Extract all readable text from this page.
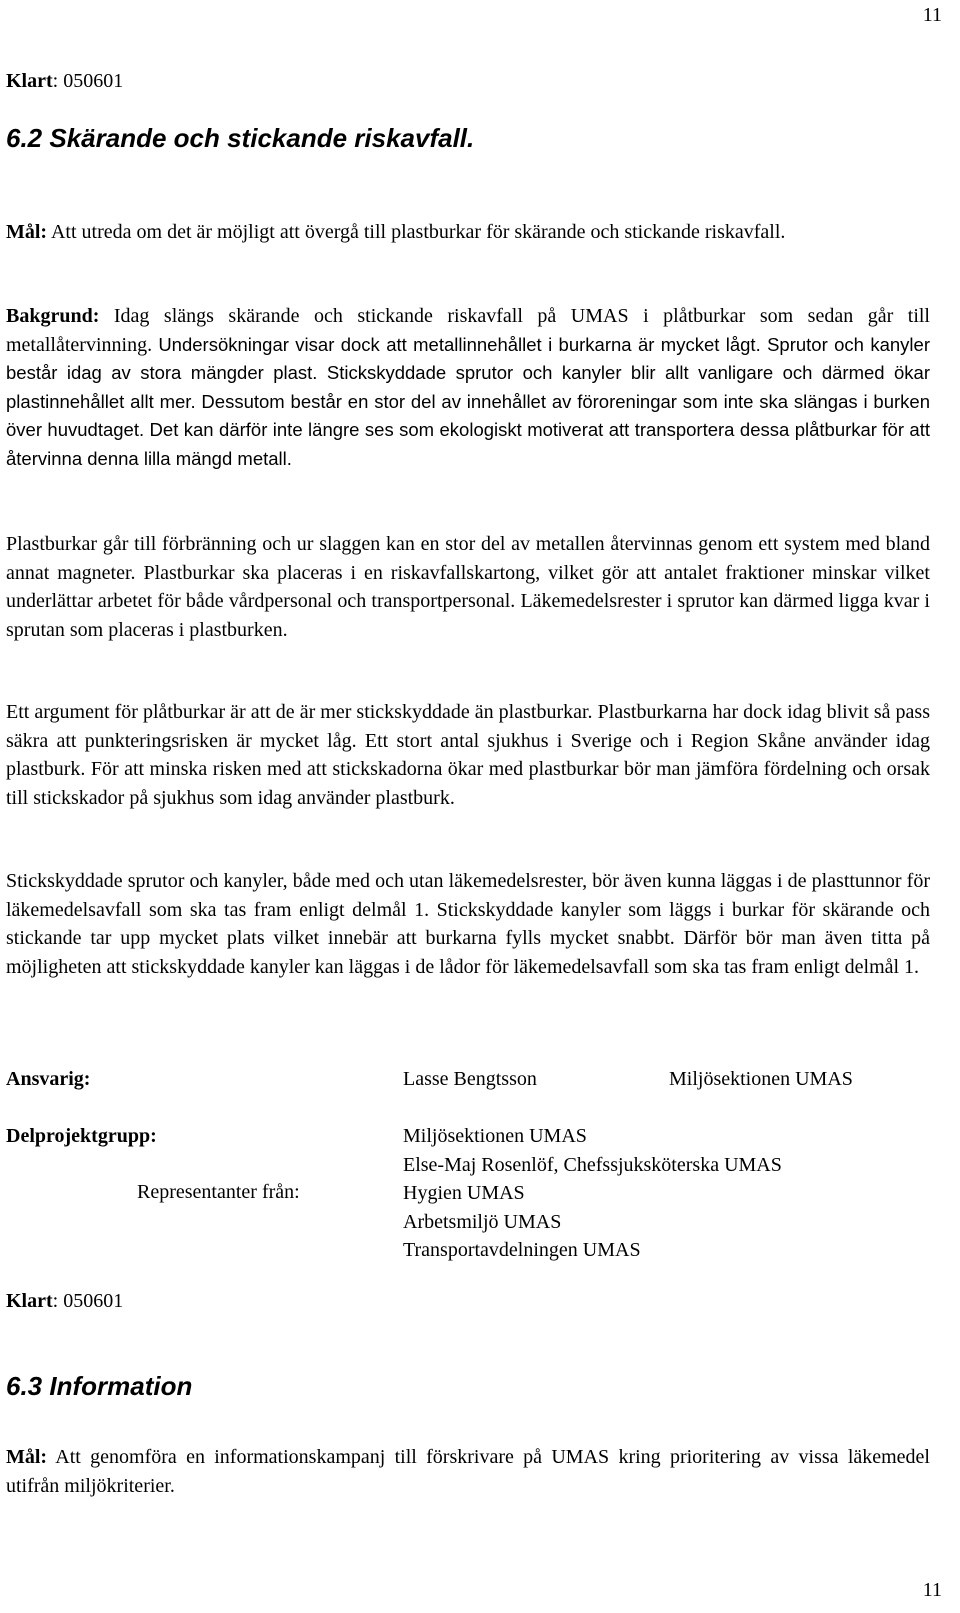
11
Klart: 050601
6.2 Skärande och stickande riskavfall.

Mål: Att utreda om det är möjligt att övergå till plastburkar för skärande och stickande riskavfall.

Bakgrund: Idag slängs skärande och stickande riskavfall på UMAS i plåtburkar som sedan går till metallåtervinning. Undersökningar visar dock att metallinnehållet i burkarna är mycket lågt. Sprutor och kanyler består idag av stora mängder plast. Stickskyddade sprutor och kanyler blir allt vanligare och därmed ökar plastinnehållet allt mer. Dessutom består en stor del av innehållet av föroreningar som inte ska slängas i burken över huvudtaget. Det kan därför inte längre ses som ekologiskt motiverat att transportera dessa plåtburkar för att återvinna denna lilla mängd metall.

Plastburkar går till förbränning och ur slaggen kan en stor del av metallen återvinnas genom ett system med bland annat magneter. Plastburkar ska placeras i en riskavfallskartong, vilket gör att antalet fraktioner minskar vilket underlättar arbetet för både vårdpersonal och transportpersonal. Läkemedelsrester i sprutor kan därmed ligga kvar i sprutan som placeras i plastburken.

Ett argument för plåtburkar är att de är mer stickskyddade än plastburkar. Plastburkarna har dock idag blivit så pass säkra att punkteringsrisken är mycket låg. Ett stort antal sjukhus i Sverige och i Region Skåne använder idag plastburk. För att minska risken med att stickskadorna ökar med plastburkar bör man jämföra fördelning och orsak till stickskador på sjukhus som idag använder plastburk.

Stickskyddade sprutor och kanyler, både med och utan läkemedelsrester, bör även kunna läggas i de plasttunnor för läkemedelsavfall som ska tas fram enligt delmål 1. Stickskyddade kanyler som läggs i burkar för skärande och stickande tar upp mycket plats vilket innebär att burkarna fylls mycket snabbt. Därför bör man även titta på möjligheten att stickskyddade kanyler kan läggas i de lådor för läkemedelsavfall som ska tas fram enligt delmål 1.

Ansvarig:	Lasse Bengtsson	Miljösektionen UMAS
Delprojektgrupp:
Representanter från:
Miljösektionen UMAS
Else-Maj Rosenlöf, Chefssjuksköterska UMAS
Hygien UMAS
Arbetsmiljö UMAS
Transportavdelningen UMAS
Klart: 050601
6.3 Information

Mål: Att genomföra en informationskampanj till förskrivare på UMAS kring prioritering av vissa läkemedel utifrån miljökriterier.

11
